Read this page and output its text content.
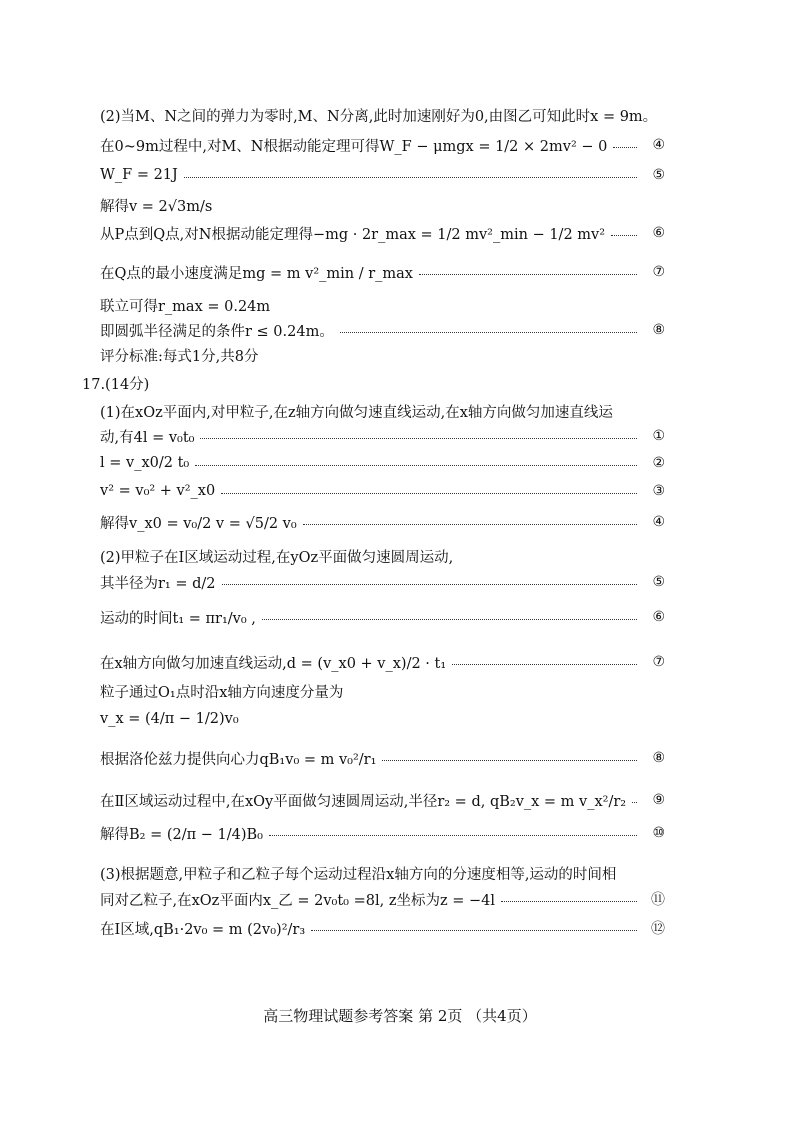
(2)当M、N之间的弹力为零时,M、N分离,此时加速刚好为0,由图乙可知此时x = 9m。
在0~9m过程中,对M、N根据动能定理可得W_F − μmgx = 1/2 × 2mv² − 0	④
W_F = 21J	⑤
解得v = 2√3m/s
从P点到Q点,对N根据动能定理得−mg · 2r_max = 1/2 mv²_min − 1/2 mv²	⑥
在Q点的最小速度满足mg = m v²_min / r_max	⑦
联立可得r_max = 0.24m
即圆弧半径满足的条件r ≤ 0.24m。	⑧
评分标准:每式1分,共8分
17.(14分)
(1)在xOz平面内,对甲粒子,在z轴方向做匀速直线运动,在x轴方向做匀加速直线运
动,有4l = v₀t₀	①
l = v_x0/2 t₀	②
v² = v₀² + v²_x0	③
解得v_x0 = v₀/2 v = √5/2 v₀	④
(2)甲粒子在Ⅰ区域运动过程,在yOz平面做匀速圆周运动,
其半径为r₁ = d/2	⑤
运动的时间t₁ = πr₁/v₀ ,	⑥
在x轴方向做匀加速直线运动,d = (v_x0 + v_x)/2 · t₁	⑦
粒子通过O₁点时沿x轴方向速度分量为
v_x = (4/π − 1/2)v₀
根据洛伦兹力提供向心力qB₁v₀ = m v₀²/r₁	⑧
在Ⅱ区域运动过程中,在xOy平面做匀速圆周运动,半径r₂ = d, qB₂v_x = m v_x²/r₂	⑨
解得B₂ = (2/π − 1/4)B₀	⑩
(3)根据题意,甲粒子和乙粒子每个运动过程沿x轴方向的分速度相等,运动的时间相
同对乙粒子,在xOz平面内x_乙 = 2v₀t₀ =8l, z坐标为z = −4l	⑪
在Ⅰ区域,qB₁·2v₀ = m (2v₀)²/r₃	⑫
高三物理试题参考答案 第 2页 （共4页）
